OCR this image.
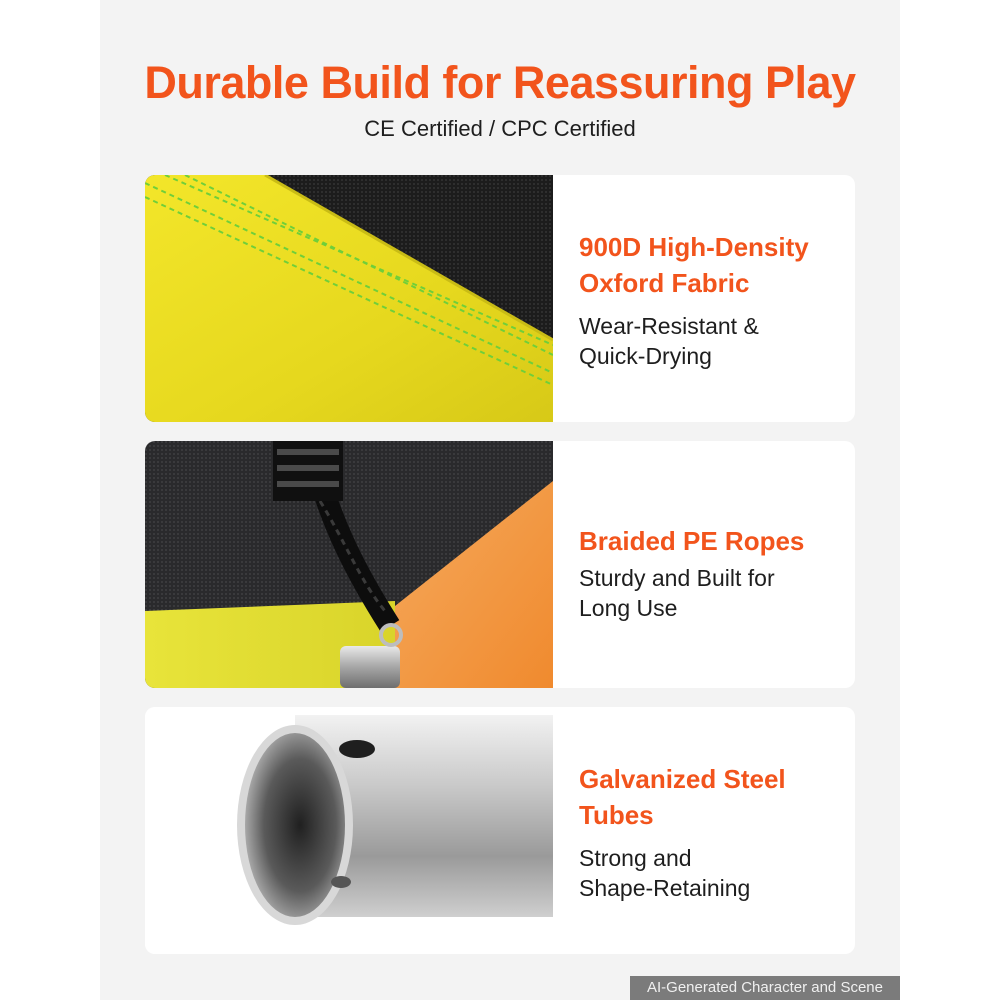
Durable Build for Reassuring Play
CE Certified / CPC Certified
900D High-Density
Oxford Fabric
Wear-Resistant &
Quick-Drying
Braided PE Ropes
Sturdy and Built for
Long Use
Galvanized Steel
Tubes
Strong and
Shape-Retaining
AI-Generated Character and Scene
